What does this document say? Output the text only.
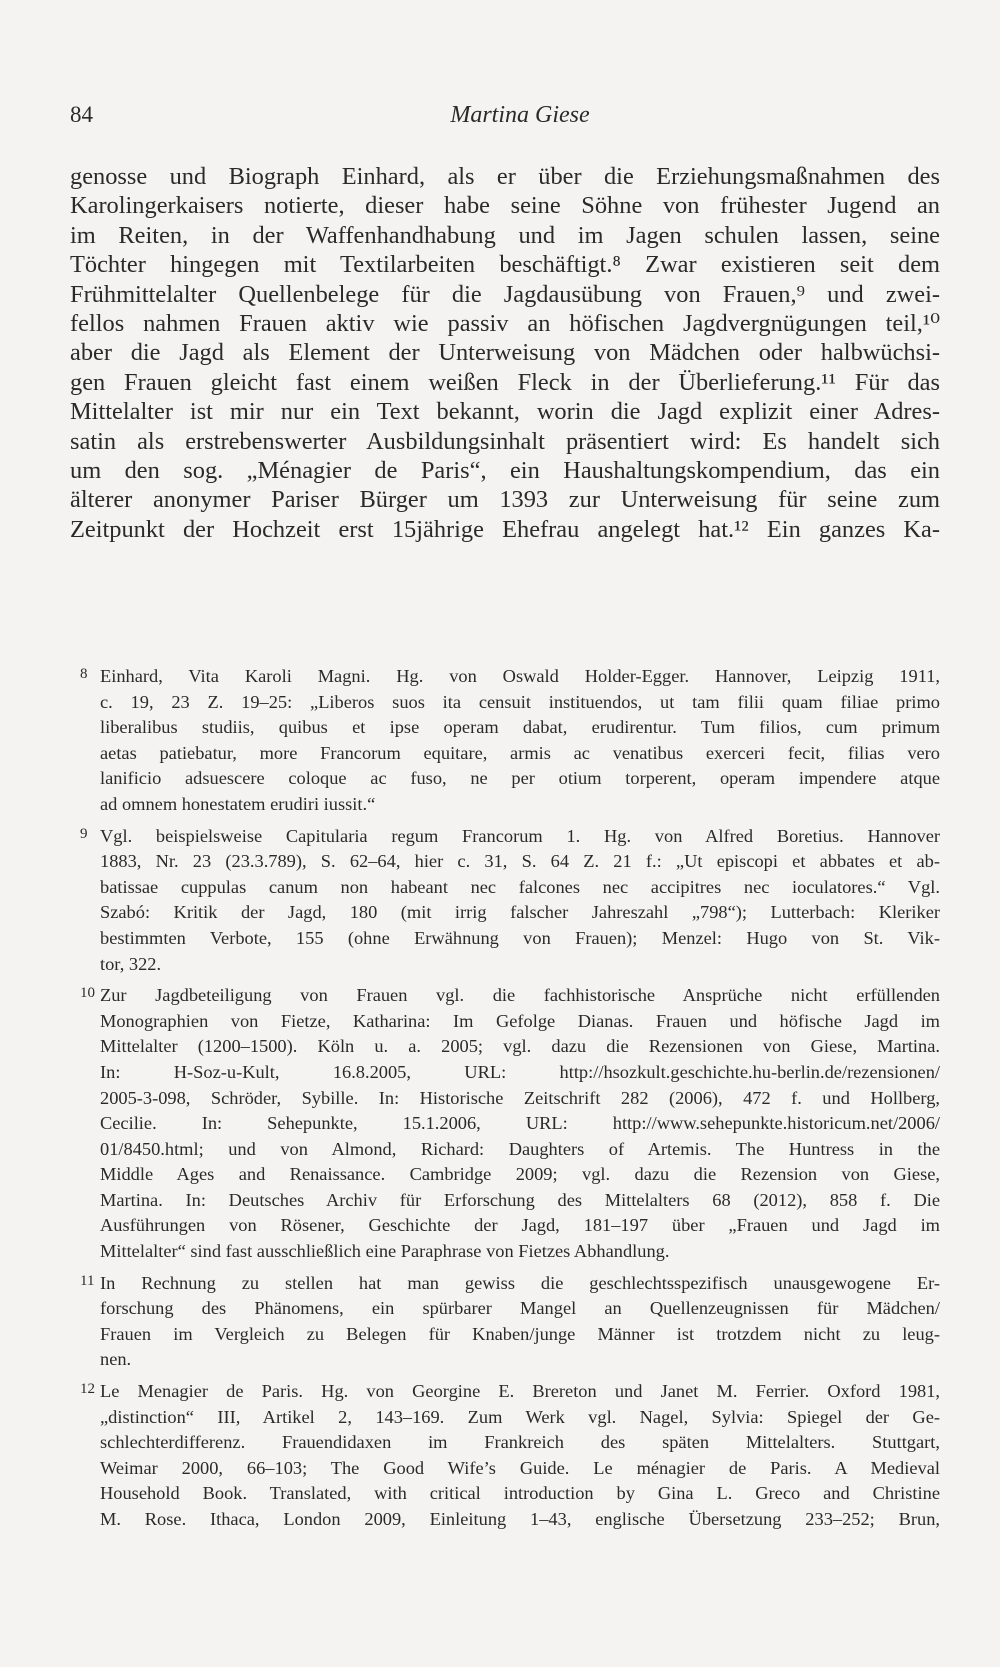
84	Martina Giese
genosse und Biograph Einhard, als er über die Erziehungsmaßnahmen des
Karolingerkaisers notierte, dieser habe seine Söhne von frühester Jugend an
im Reiten, in der Waffenhandhabung und im Jagen schulen lassen, seine
Töchter hingegen mit Textilarbeiten beschäftigt.⁸ Zwar existieren seit dem
Frühmittelalter Quellenbelege für die Jagdausübung von Frauen,⁹ und zwei-
fellos nahmen Frauen aktiv wie passiv an höfischen Jagdvergnügungen teil,¹⁰
aber die Jagd als Element der Unterweisung von Mädchen oder halbwüchsi-
gen Frauen gleicht fast einem weißen Fleck in der Überlieferung.¹¹ Für das
Mittelalter ist mir nur ein Text bekannt, worin die Jagd explizit einer Adres-
satin als erstrebenswerter Ausbildungsinhalt präsentiert wird: Es handelt sich
um den sog. „Ménagier de Paris“, ein Haushaltungskompendium, das ein
älterer anonymer Pariser Bürger um 1393 zur Unterweisung für seine zum
Zeitpunkt der Hochzeit erst 15jährige Ehefrau angelegt hat.¹² Ein ganzes Ka-
8 Einhard, Vita Karoli Magni. Hg. von Oswald Holder-Egger. Hannover, Leipzig 1911,
c. 19, 23 Z. 19–25: „Liberos suos ita censuit instituendos, ut tam filii quam filiae primo
liberalibus studiis, quibus et ipse operam dabat, erudirentur. Tum filios, cum primum
aetas patiebatur, more Francorum equitare, armis ac venatibus exerceri fecit, filias vero
lanificio adsuescere coloque ac fuso, ne per otium torperent, operam impendere atque
ad omnem honestatem erudiri iussit.“
9 Vgl. beispielsweise Capitularia regum Francorum 1. Hg. von Alfred Boretius. Hannover
1883, Nr. 23 (23.3.789), S. 62–64, hier c. 31, S. 64 Z. 21 f.: „Ut episcopi et abbates et ab-
batissae cuppulas canum non habeant nec falcones nec accipitres nec ioculatores.“ Vgl.
Szabó: Kritik der Jagd, 180 (mit irrig falscher Jahreszahl „798“); Lutterbach: Kleriker
bestimmten Verbote, 155 (ohne Erwähnung von Frauen); Menzel: Hugo von St. Vik-
tor, 322.
10 Zur Jagdbeteiligung von Frauen vgl. die fachhistorische Ansprüche nicht erfüllenden
Monographien von Fietze, Katharina: Im Gefolge Dianas. Frauen und höfische Jagd im
Mittelalter (1200–1500). Köln u. a. 2005; vgl. dazu die Rezensionen von Giese, Martina.
In: H-Soz-u-Kult, 16.8.2005, URL: http://hsozkult.geschichte.hu-berlin.de/rezensionen/
2005-3-098, Schröder, Sybille. In: Historische Zeitschrift 282 (2006), 472 f. und Hollberg,
Cecilie. In: Sehepunkte, 15.1.2006, URL: http://www.sehepunkte.historicum.net/2006/
01/8450.html; und von Almond, Richard: Daughters of Artemis. The Huntress in the
Middle Ages and Renaissance. Cambridge 2009; vgl. dazu die Rezension von Giese,
Martina. In: Deutsches Archiv für Erforschung des Mittelalters 68 (2012), 858 f. Die
Ausführungen von Rösener, Geschichte der Jagd, 181–197 über „Frauen und Jagd im
Mittelalter“ sind fast ausschließlich eine Paraphrase von Fietzes Abhandlung.
11 In Rechnung zu stellen hat man gewiss die geschlechtsspezifisch unausgewogene Er-
forschung des Phänomens, ein spürbarer Mangel an Quellenzeugnissen für Mädchen/
Frauen im Vergleich zu Belegen für Knaben/junge Männer ist trotzdem nicht zu leug-
nen.
12 Le Menagier de Paris. Hg. von Georgine E. Brereton und Janet M. Ferrier. Oxford 1981,
„distinction“ III, Artikel 2, 143–169. Zum Werk vgl. Nagel, Sylvia: Spiegel der Ge-
schlechterdifferenz. Frauendidaxen im Frankreich des späten Mittelalters. Stuttgart,
Weimar 2000, 66–103; The Good Wife’s Guide. Le ménagier de Paris. A Medieval
Household Book. Translated, with critical introduction by Gina L. Greco and Christine
M. Rose. Ithaca, London 2009, Einleitung 1–43, englische Übersetzung 233–252; Brun,
